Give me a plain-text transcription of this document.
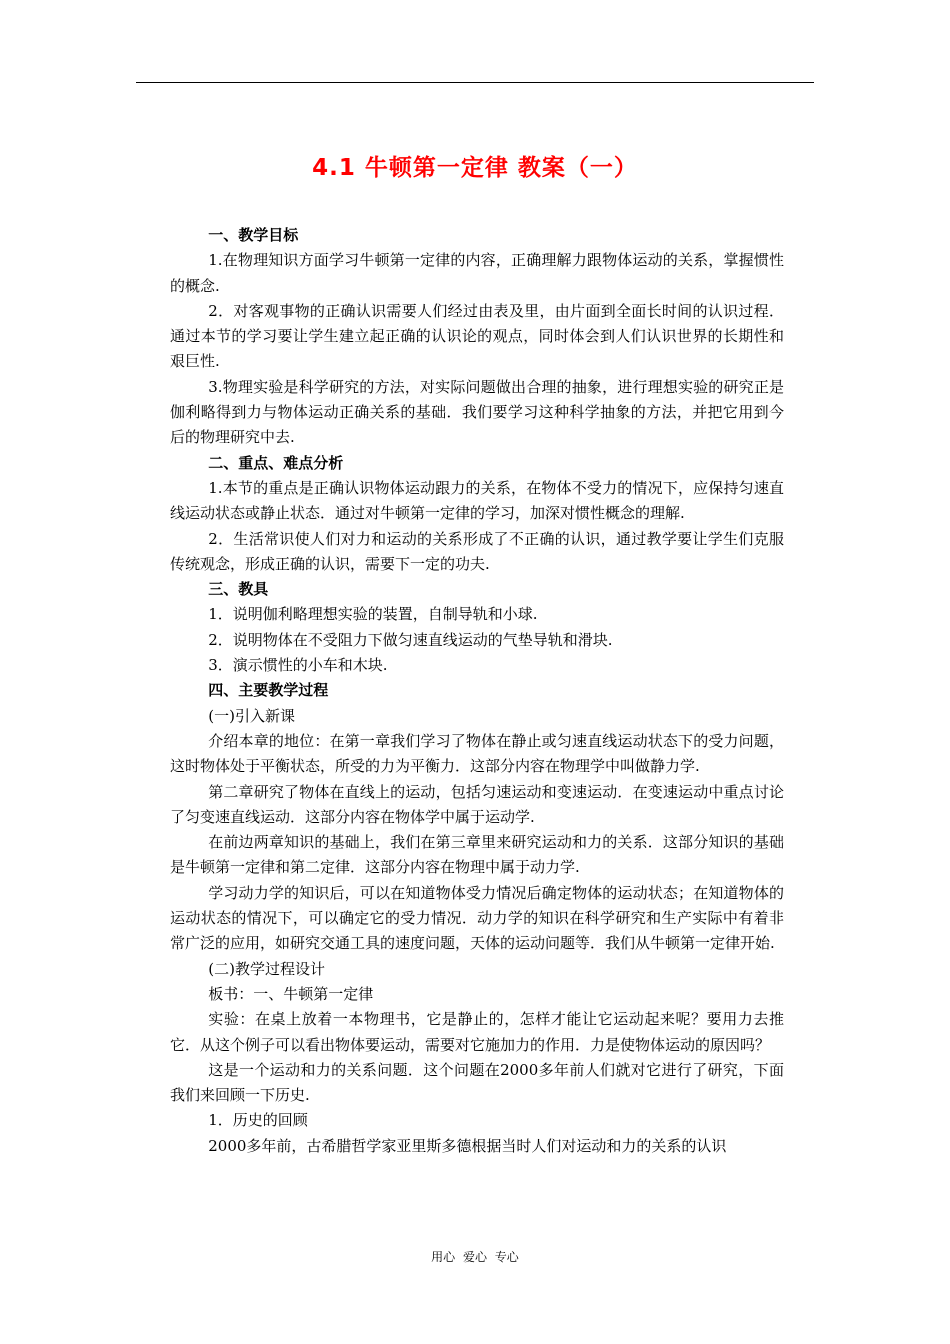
4.1 牛顿第一定律 教案（一）

一、教学目标

1.在物理知识方面学习牛顿第一定律的内容，正确理解力跟物体运动的关系，掌握惯性的概念.

2．对客观事物的正确认识需要人们经过由表及里，由片面到全面长时间的认识过程．通过本节的学习要让学生建立起正确的认识论的观点，同时体会到人们认识世界的长期性和艰巨性.

3.物理实验是科学研究的方法，对实际问题做出合理的抽象，进行理想实验的研究正是伽利略得到力与物体运动正确关系的基础．我们要学习这种科学抽象的方法，并把它用到今后的物理研究中去.

二、重点、难点分析

1.本节的重点是正确认识物体运动跟力的关系，在物体不受力的情况下，应保持匀速直线运动状态或静止状态．通过对牛顿第一定律的学习，加深对惯性概念的理解.

2．生活常识使人们对力和运动的关系形成了不正确的认识，通过教学要让学生们克服传统观念，形成正确的认识，需要下一定的功夫.

三、教具

1．说明伽利略理想实验的装置，自制导轨和小球.

2．说明物体在不受阻力下做匀速直线运动的气垫导轨和滑块.

3．演示惯性的小车和木块.

四、主要教学过程

(一)引入新课

介绍本章的地位：在第一章我们学习了物体在静止或匀速直线运动状态下的受力问题，这时物体处于平衡状态，所受的力为平衡力．这部分内容在物理学中叫做静力学.

第二章研究了物体在直线上的运动，包括匀速运动和变速运动．在变速运动中重点讨论了匀变速直线运动．这部分内容在物体学中属于运动学.

在前边两章知识的基础上，我们在第三章里来研究运动和力的关系．这部分知识的基础是牛顿第一定律和第二定律．这部分内容在物理中属于动力学.

学习动力学的知识后，可以在知道物体受力情况后确定物体的运动状态；在知道物体的运动状态的情况下，可以确定它的受力情况．动力学的知识在科学研究和生产实际中有着非常广泛的应用，如研究交通工具的速度问题，天体的运动问题等．我们从牛顿第一定律开始.

(二)教学过程设计

板书：一、牛顿第一定律

实验：在桌上放着一本物理书，它是静止的，怎样才能让它运动起来呢？要用力去推它．从这个例子可以看出物体要运动，需要对它施加力的作用．力是使物体运动的原因吗？

这是一个运动和力的关系问题．这个问题在2000多年前人们就对它进行了研究，下面我们来回顾一下历史.

1．历史的回顾

2000多年前，古希腊哲学家亚里斯多德根据当时人们对运动和力的关系的认识

用心 爱心 专心
